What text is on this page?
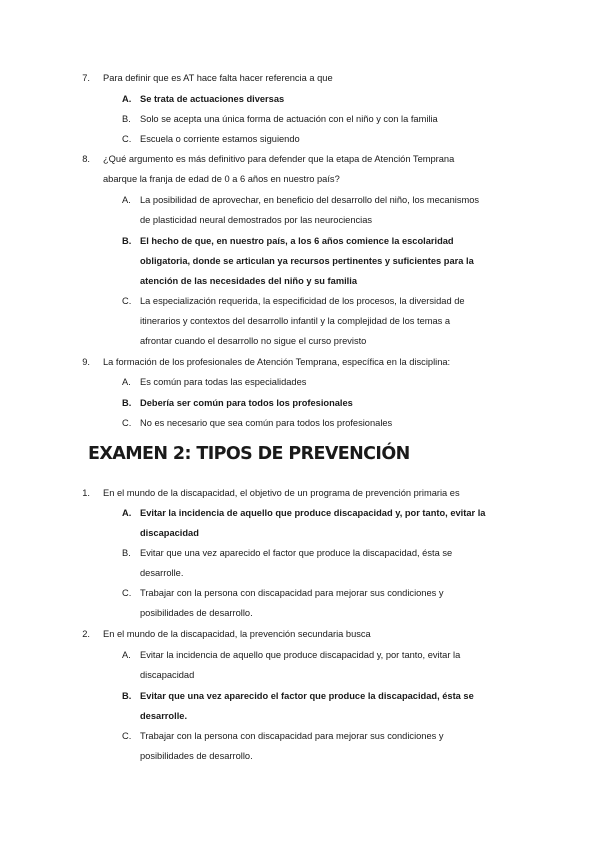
7. Para definir que es AT hace falta hacer referencia a que
A. Se trata de actuaciones diversas
B. Solo se acepta una única forma de actuación con el niño y con la familia
C. Escuela o corriente estamos siguiendo
8. ¿Qué argumento es más definitivo para defender que la etapa de Atención Temprana
abarque la franja de edad de 0 a 6 años en nuestro país?
A. La posibilidad de aprovechar, en beneficio del desarrollo del niño, los mecanismos
de plasticidad neural demostrados por las neurociencias
B. El hecho de que, en nuestro país, a los 6 años comience la escolaridad
obligatoria, donde se articulan ya recursos pertinentes y suficientes para la
atención de las necesidades del niño y su familia
C. La especialización requerida, la especificidad de los procesos, la diversidad de
itinerarios y contextos del desarrollo infantil y la complejidad de los temas a
afrontar cuando el desarrollo no sigue el curso previsto
9. La formación de los profesionales de Atención Temprana, específica en la disciplina:
A. Es común para todas las especialidades
B. Debería ser común para todos los profesionales
C. No es necesario que sea común para todos los profesionales
EXAMEN 2: TIPOS DE PREVENCIÓN
1. En el mundo de la discapacidad, el objetivo de un programa de prevención primaria es
A. Evitar la incidencia de aquello que produce discapacidad y, por tanto, evitar la
discapacidad
B. Evitar que una vez aparecido el factor que produce la discapacidad, ésta se
desarrolle.
C. Trabajar con la persona con discapacidad para mejorar sus condiciones y
posibilidades de desarrollo.
2. En el mundo de la discapacidad, la prevención secundaria busca
A. Evitar la incidencia de aquello que produce discapacidad y, por tanto, evitar la
discapacidad
B. Evitar que una vez aparecido el factor que produce la discapacidad, ésta se
desarrolle.
C. Trabajar con la persona con discapacidad para mejorar sus condiciones y
posibilidades de desarrollo.
